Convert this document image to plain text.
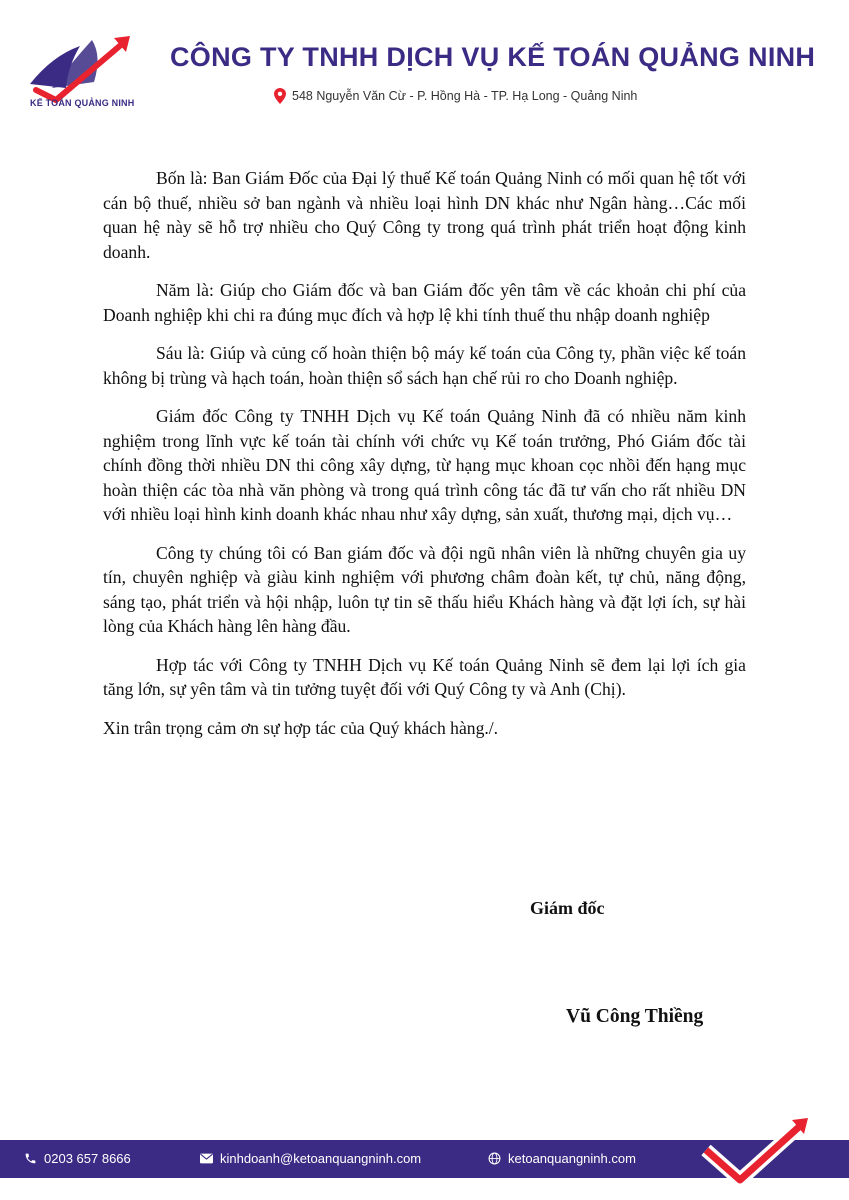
KẾ TOÁN QUẢNG NINH
CÔNG TY TNHH DỊCH VỤ KẾ TOÁN QUẢNG NINH
548 Nguyễn Văn Cừ - P. Hồng Hà - TP. Hạ Long - Quảng Ninh

Bốn là: Ban Giám Đốc của Đại lý thuế Kế toán Quảng Ninh có mối quan hệ tốt với cán bộ thuế, nhiều sở ban ngành và nhiều loại hình DN khác như Ngân hàng…Các mối quan hệ này sẽ hỗ trợ nhiều cho Quý Công ty trong quá trình phát triển hoạt động kinh doanh.

Năm là: Giúp cho Giám đốc và ban Giám đốc yên tâm về các khoản chi phí của Doanh nghiệp khi chi ra đúng mục đích và hợp lệ khi tính thuế thu nhập doanh nghiệp

Sáu là: Giúp và củng cố hoàn thiện bộ máy kế toán của Công ty, phần việc kế toán không bị trùng và hạch toán, hoàn thiện sổ sách hạn chế rủi ro cho Doanh nghiệp.

Giám đốc Công ty TNHH Dịch vụ Kế toán Quảng Ninh đã có nhiều năm kinh nghiệm trong lĩnh vực kế toán tài chính với chức vụ Kế toán trưởng, Phó Giám đốc tài chính đồng thời nhiều DN thi công xây dựng, từ hạng mục khoan cọc nhồi đến hạng mục hoàn thiện các tòa nhà văn phòng và trong quá trình công tác đã tư vấn cho rất nhiều DN với nhiều loại hình kinh doanh khác nhau như xây dựng, sản xuất, thương mại, dịch vụ…

Công ty chúng tôi có Ban giám đốc và đội ngũ nhân viên là những chuyên gia uy tín, chuyên nghiệp và giàu kinh nghiệm với phương châm đoàn kết, tự chủ, năng động, sáng tạo, phát triển và hội nhập, luôn tự tin sẽ thấu hiểu Khách hàng và đặt lợi ích, sự hài lòng của Khách hàng lên hàng đầu.

Hợp tác với Công ty TNHH Dịch vụ Kế toán Quảng Ninh sẽ đem lại lợi ích gia tăng lớn, sự yên tâm và tin tưởng tuyệt đối với Quý Công ty và Anh (Chị).

Xin trân trọng cảm ơn sự hợp tác của Quý khách hàng./.

Giám đốc
Vũ Công Thiềng
0203 657 8666	kinhdoanh@ketoanquangninh.com	ketoanquangninh.com
